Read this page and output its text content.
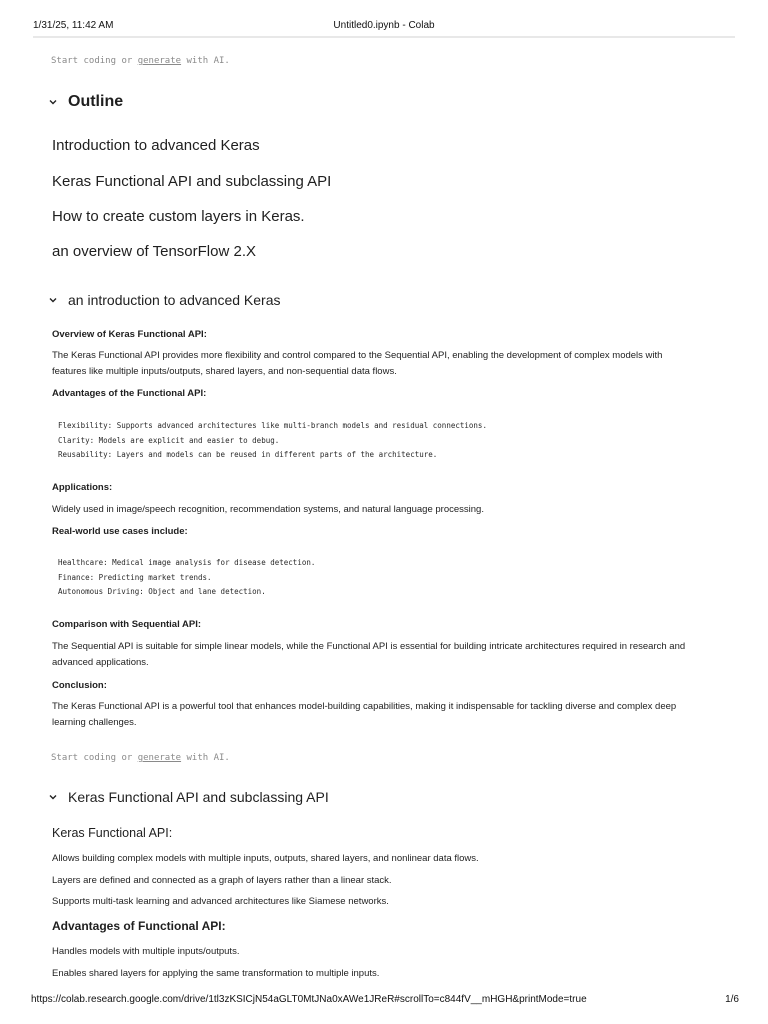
1/31/25, 11:42 AM	Untitled0.ipynb - Colab
Start coding or generate with AI.
Outline
Introduction to advanced Keras
Keras Functional API and subclassing API
How to create custom layers in Keras.
an overview of TensorFlow 2.X
an introduction to advanced Keras
Overview of Keras Functional API:
The Keras Functional API provides more flexibility and control compared to the Sequential API, enabling the development of complex models with features like multiple inputs/outputs, shared layers, and non-sequential data flows.
Advantages of the Functional API:
Flexibility: Supports advanced architectures like multi-branch models and residual connections.
Clarity: Models are explicit and easier to debug.
Reusability: Layers and models can be reused in different parts of the architecture.
Applications:
Widely used in image/speech recognition, recommendation systems, and natural language processing.
Real-world use cases include:
Healthcare: Medical image analysis for disease detection.
Finance: Predicting market trends.
Autonomous Driving: Object and lane detection.
Comparison with Sequential API:
The Sequential API is suitable for simple linear models, while the Functional API is essential for building intricate architectures required in research and advanced applications.
Conclusion:
The Keras Functional API is a powerful tool that enhances model-building capabilities, making it indispensable for tackling diverse and complex deep learning challenges.
Start coding or generate with AI.
Keras Functional API and subclassing API
Keras Functional API:
Allows building complex models with multiple inputs, outputs, shared layers, and nonlinear data flows.
Layers are defined and connected as a graph of layers rather than a linear stack.
Supports multi-task learning and advanced architectures like Siamese networks.
Advantages of Functional API:
Handles models with multiple inputs/outputs.
Enables shared layers for applying the same transformation to multiple inputs.
https://colab.research.google.com/drive/1tl3zKSICjN54aGLT0MtJNa0xAWe1JReR#scrollTo=c844fV__mHGH&printMode=true	1/6
